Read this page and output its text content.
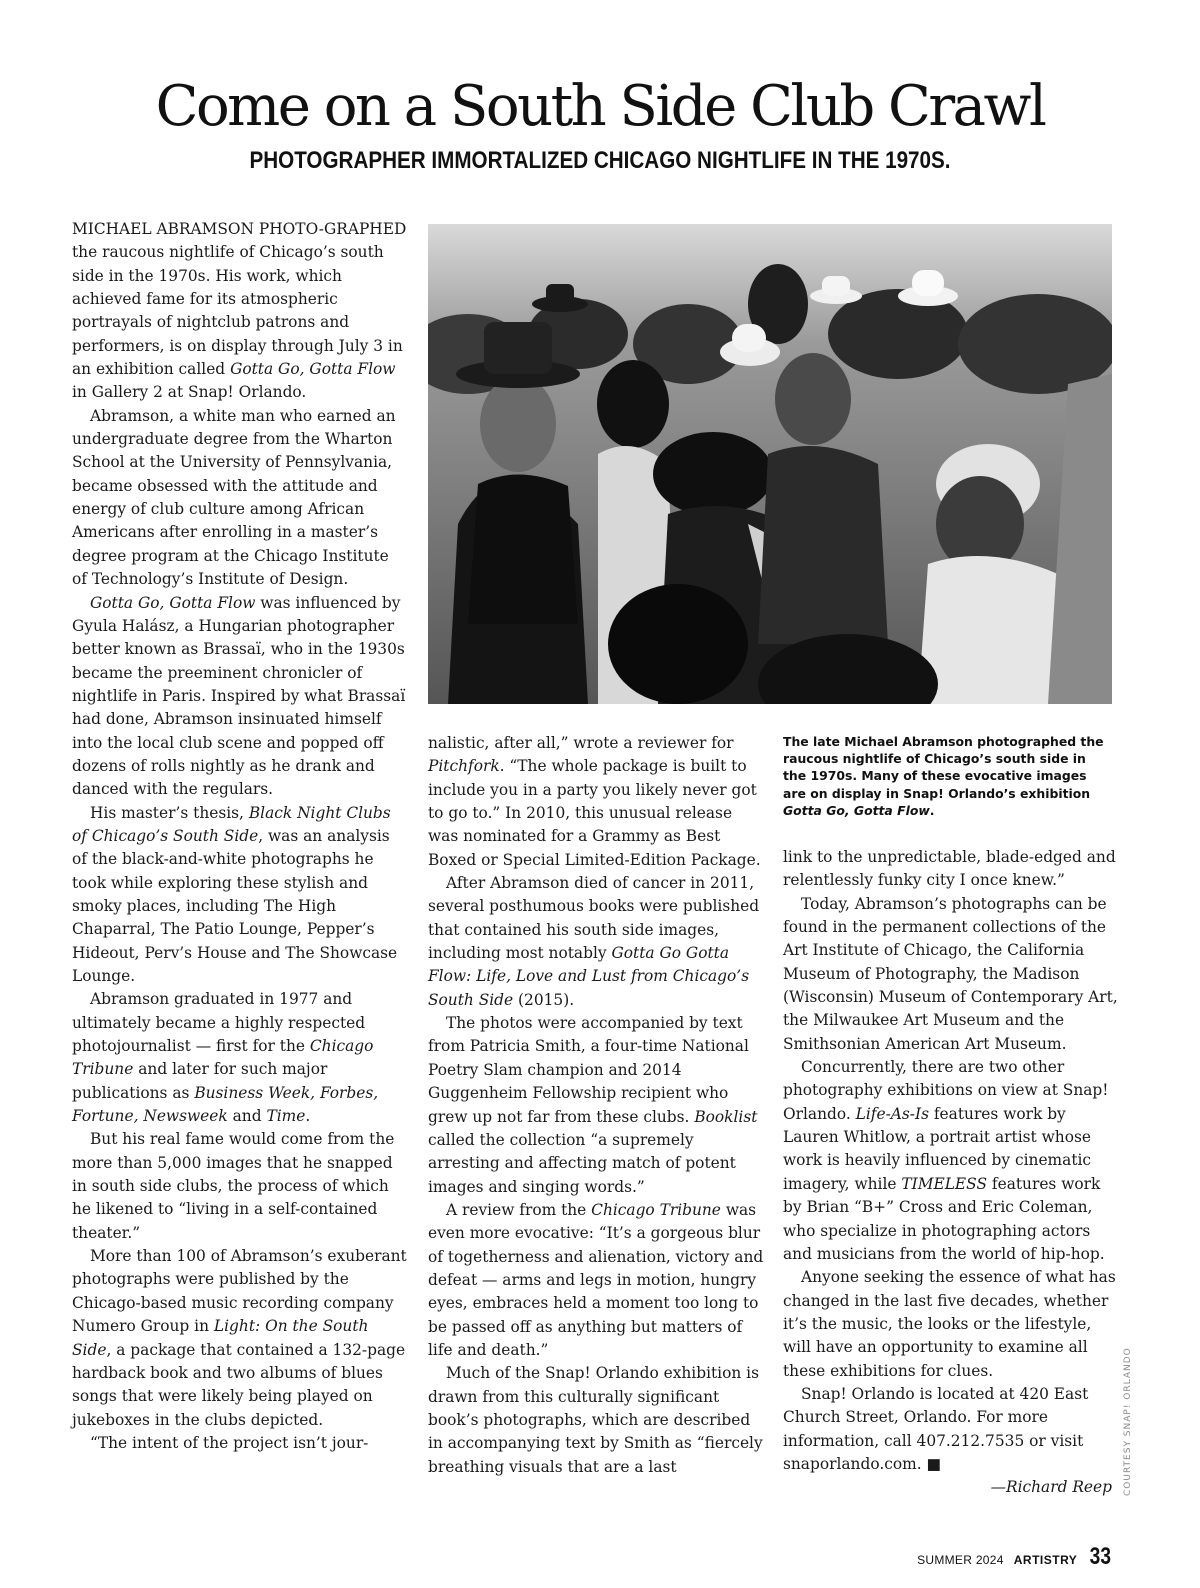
Come on a South Side Club Crawl
PHOTOGRAPHER IMMORTALIZED CHICAGO NIGHTLIFE IN THE 1970S.

MICHAEL ABRAMSON PHOTO-GRAPHED the raucous nightlife of Chicago’s south side in the 1970s. His work, which achieved fame for its atmospheric portrayals of nightclub patrons and performers, is on display through July 3 in an exhibition called Gotta Go, Gotta Flow in Gallery 2 at Snap! Orlando.

Abramson, a white man who earned an undergraduate degree from the Wharton School at the University of Pennsylvania, became obsessed with the attitude and energy of club culture among African Americans after enrolling in a master’s degree program at the Chicago Institute of Technology’s Institute of Design.

Gotta Go, Gotta Flow was influenced by Gyula Halász, a Hungarian photographer better known as Brassaï, who in the 1930s became the preeminent chronicler of nightlife in Paris. Inspired by what Brassaï had done, Abramson insinuated himself into the local club scene and popped off dozens of rolls nightly as he drank and danced with the regulars.

His master’s thesis, Black Night Clubs of Chicago’s South Side, was an analysis of the black-and-white photographs he took while exploring these stylish and smoky places, including The High Chaparral, The Patio Lounge, Pepper’s Hideout, Perv’s House and The Showcase Lounge.

Abramson graduated in 1977 and ultimately became a highly respected photojournalist — first for the Chicago Tribune and later for such major publications as Business Week, Forbes, Fortune, Newsweek and Time.

But his real fame would come from the more than 5,000 images that he snapped in south side clubs, the process of which he likened to “living in a self-contained theater.”

More than 100 of Abramson’s exuberant photographs were published by the Chicago-based music recording company Numero Group in Light: On the South Side, a package that contained a 132-page hardback book and two albums of blues songs that were likely being played on jukeboxes in the clubs depicted.

“The intent of the project isn’t jour-

nalistic, after all,” wrote a reviewer for Pitchfork. “The whole package is built to include you in a party you likely never got to go to.” In 2010, this unusual release was nominated for a Grammy as Best Boxed or Special Limited-Edition Package.

After Abramson died of cancer in 2011, several posthumous books were published that contained his south side images, including most notably Gotta Go Gotta Flow: Life, Love and Lust from Chicago’s South Side (2015).

The photos were accompanied by text from Patricia Smith, a four-time National Poetry Slam champion and 2014 Guggenheim Fellowship recipient who grew up not far from these clubs. Booklist called the collection “a supremely arresting and affecting match of potent images and singing words.”

A review from the Chicago Tribune was even more evocative: “It’s a gorgeous blur of togetherness and alienation, victory and defeat — arms and legs in motion, hungry eyes, embraces held a moment too long to be passed off as anything but matters of life and death.”

Much of the Snap! Orlando exhibition is drawn from this culturally significant book’s photographs, which are described in accompanying text by Smith as “fiercely breathing visuals that are a last

The late Michael Abramson photographed the raucous nightlife of Chicago’s south side in the 1970s. Many of these evocative images are on display in Snap! Orlando’s exhibition Gotta Go, Gotta Flow.

link to the unpredictable, blade-edged and relentlessly funky city I once knew.”

Today, Abramson’s photographs can be found in the permanent collections of the Art Institute of Chicago, the California Museum of Photography, the Madison (Wisconsin) Museum of Contemporary Art, the Milwaukee Art Museum and the Smithsonian American Art Museum.

Concurrently, there are two other photography exhibitions on view at Snap! Orlando. Life-As-Is features work by Lauren Whitlow, a portrait artist whose work is heavily influenced by cinematic imagery, while TIMELESS features work by Brian “B+” Cross and Eric Coleman, who specialize in photographing actors and musicians from the world of hip-hop.

Anyone seeking the essence of what has changed in the last five decades, whether it’s the music, the looks or the lifestyle, will have an opportunity to examine all these exhibitions for clues.

Snap! Orlando is located at 420 East Church Street, Orlando. For more information, call 407.212.7535 or visit snaporlando.com. ■

—Richard Reep	COURTESY SNAP! ORLANDO
SUMMER 2024 ARTISTRY 33
